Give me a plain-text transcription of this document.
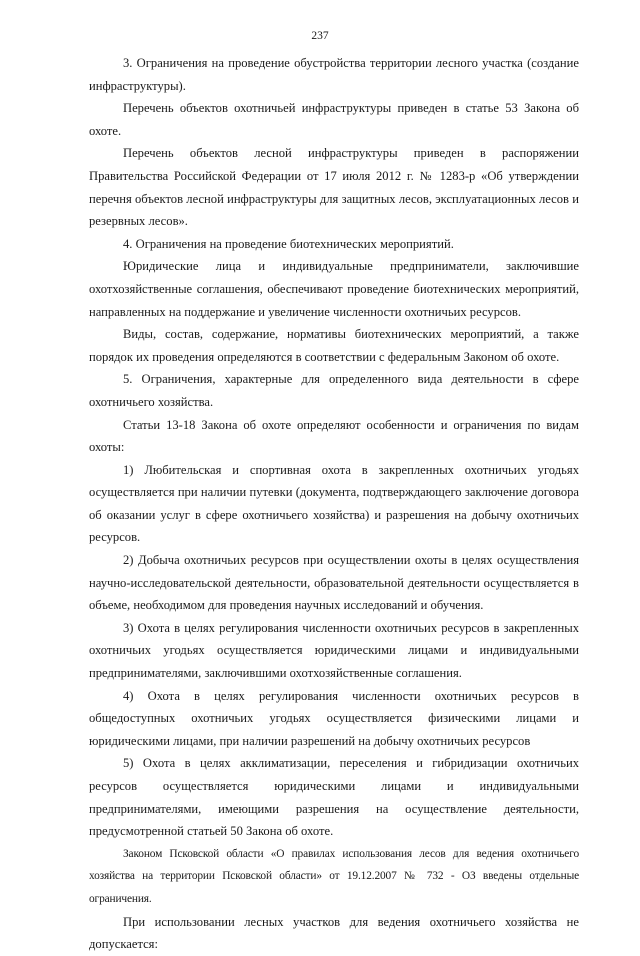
237

3. Ограничения на проведение обустройства территории лесного участка (создание инфраструктуры).

Перечень объектов охотничьей инфраструктуры приведен в статье 53 Закона об охоте.

Перечень объектов лесной инфраструктуры приведен в распоряжении Правительства Российской Федерации от 17 июля 2012 г. № 1283-р «Об утверждении перечня объектов лесной инфраструктуры для защитных лесов, эксплуатационных лесов и резервных лесов».

4. Ограничения на проведение биотехнических мероприятий.

Юридические лица и индивидуальные предприниматели, заключившие охотхозяйственные соглашения, обеспечивают проведение биотехнических мероприятий, направленных на поддержание и увеличение численности охотничьих ресурсов.

Виды, состав, содержание, нормативы биотехнических мероприятий, а также порядок их проведения определяются в соответствии с федеральным Законом об охоте.

5. Ограничения, характерные для определенного вида деятельности в сфере охотничьего хозяйства.

Статьи 13-18 Закона об охоте определяют особенности и ограничения по видам охоты:

1) Любительская и спортивная охота в закрепленных охотничьих угодьях осуществляется при наличии путевки (документа, подтверждающего заключение договора об оказании услуг в сфере охотничьего хозяйства) и разрешения на добычу охотничьих ресурсов.

2) Добыча охотничьих ресурсов при осуществлении охоты в целях осуществления научно-исследовательской деятельности, образовательной деятельности осуществляется в объеме, необходимом для проведения научных исследований и обучения.

3) Охота в целях регулирования численности охотничьих ресурсов в закрепленных охотничьих угодьях осуществляется юридическими лицами и индивидуальными предпринимателями, заключившими охотхозяйственные соглашения.

4) Охота в целях регулирования численности охотничьих ресурсов в общедоступных охотничьих угодьях осуществляется физическими лицами и юридическими лицами, при наличии разрешений на добычу охотничьих ресурсов

5) Охота в целях акклиматизации, переселения и гибридизации охотничьих ресурсов осуществляется юридическими лицами и индивидуальными предпринимателями, имеющими разрешения на осуществление деятельности, предусмотренной статьей 50 Закона об охоте.

Законом Псковской области «О правилах использования лесов для ведения охотничьего хозяйства на территории Псковской области» от 19.12.2007 № 732 - ОЗ введены отдельные ограничения.

При использовании лесных участков для ведения охотничьего хозяйства не допускается:
